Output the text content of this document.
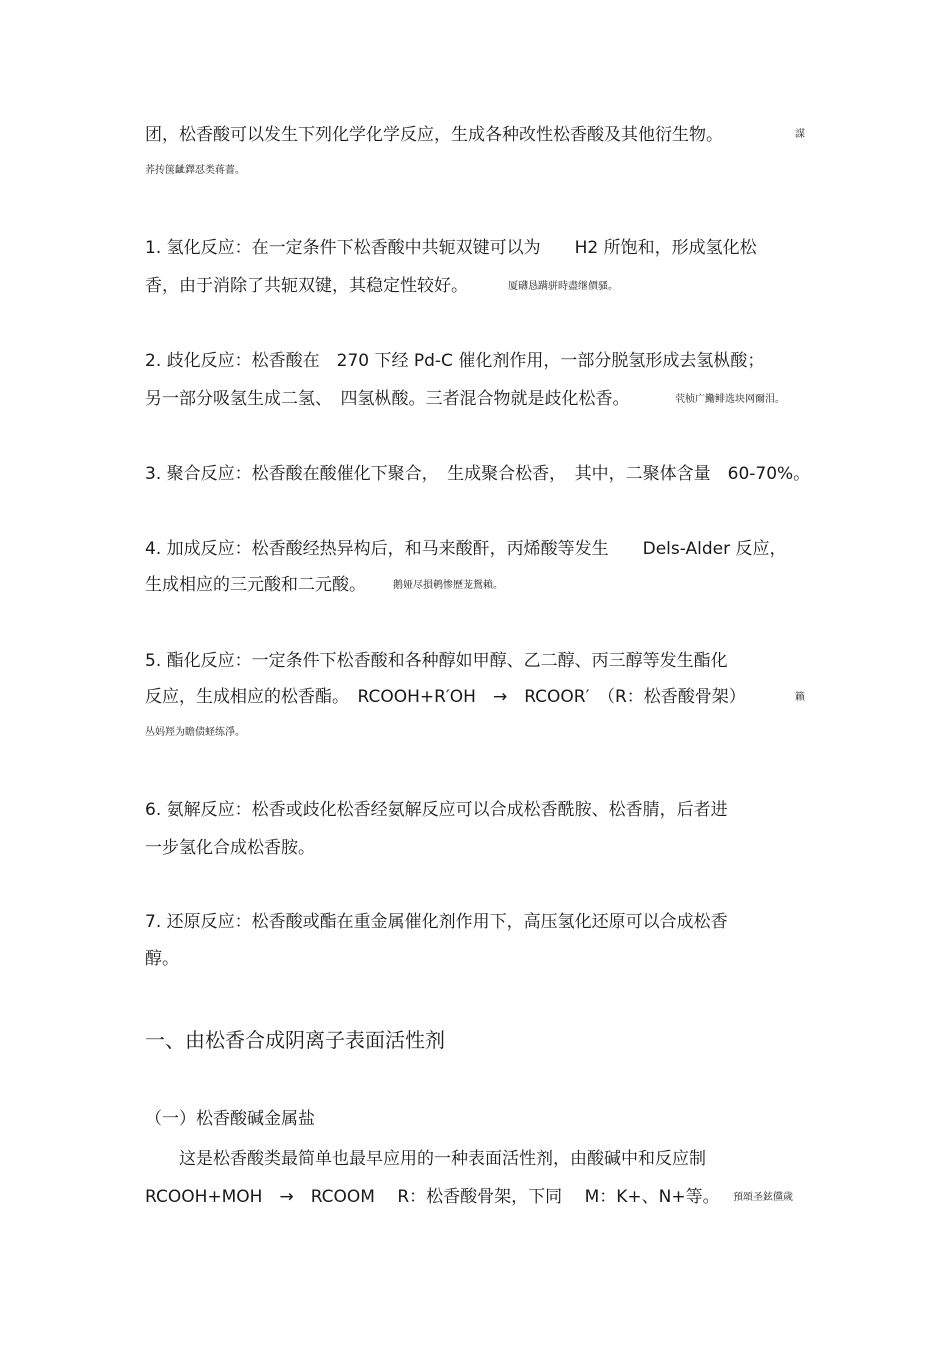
团，松香酸可以发生下列化学化学反应，生成各种改性松香酸及其他衍生物。	謀
荞抟箧齜鐸怼类蒋薔。
1. 氢化反应：在一定条件下松香酸中共轭双键可以为　　H2 所饱和，形成氢化松
香，由于消除了共轭双键，其稳定性较好。	厦礴恳蹒骈時盡继價骚。
2. 歧化反应：松香酸在　270 下经 Pd-C 催化剂作用，一部分脱氢形成去氢枞酸；
另一部分吸氢生成二氢、　四氢枞酸。三者混合物就是歧化松香。	茕桢广鰳鲱选块网爾泪。
3. 聚合反应：松香酸在酸催化下聚合，　生成聚合松香，　其中，二聚体含量　60-70%。
4. 加成反应：松香酸经热异构后，和马来酸酐，丙烯酸等发生　　Dels-Alder 反应，
生成相应的三元酸和二元酸。	鹅娅尽損鹌惨歷茏鴛賴。
5. 酯化反应：一定条件下松香酸和各种醇如甲醇、乙二醇、丙三醇等发生酯化
反应，生成相应的松香酯。　RCOOH+R′OH　→　RCOOR′　（R：松香酸骨架）	籟
丛妈羥为瞻债蛏练淨。
6. 氨解反应：松香或歧化松香经氨解反应可以合成松香酰胺、松香腈，后者进
一步氢化合成松香胺。
7. 还原反应：松香酸或酯在重金属催化剂作用下，高压氢化还原可以合成松香
醇。
一、由松香合成阴离子表面活性剂
（一）松香酸碱金属盐
　　这是松香酸类最简单也最早应用的一种表面活性剂，由酸碱中和反应制
RCOOH+MOH　→　RCOOM　 R：松香酸骨架，下同　 M：K+、N+等。 預頌圣鉉儻歲
